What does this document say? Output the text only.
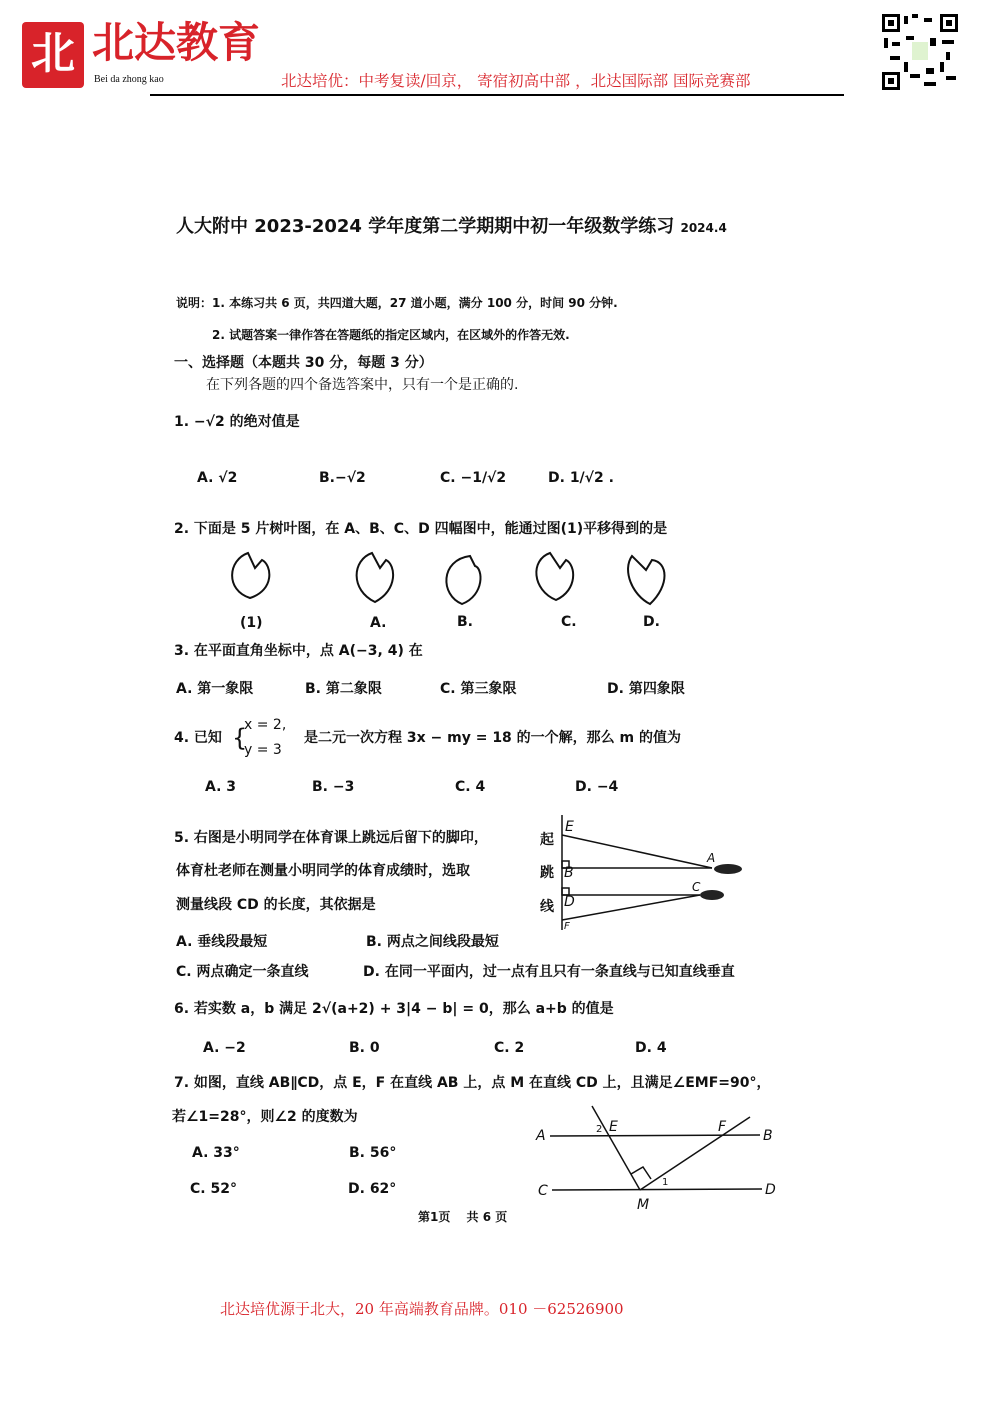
北 北达教育
Bei da zhong kao	北达培优：中考复读/回京， 寄宿初高中部 ，北达国际部 国际竞赛部
人大附中 2023-2024 学年度第二学期期中初一年级数学练习 2024.4
说明：1. 本练习共 6 页，共四道大题，27 道小题，满分 100 分，时间 90 分钟.
2. 试题答案一律作答在答题纸的指定区域内，在区域外的作答无效.
一、选择题（本题共 30 分，每题 3 分）
在下列各题的四个备选答案中，只有一个是正确的.
1. −√2 的绝对值是
A. √2	B.−√2	C. −1/√2	D. 1/√2 .
2. 下面是 5 片树叶图，在 A、B、C、D 四幅图中，能通过图(1)平移得到的是
(1)	A.	B.	C.	D.
3. 在平面直角坐标中，点 A(−3, 4) 在
A. 第一象限	B. 第二象限	C. 第三象限	D. 第四象限
4. 已知 {
x = 2,
y = 3
是二元一次方程 3x − my = 18 的一个解，那么 m 的值为
A. 3	B. −3	C. 4	D. −4
5. 右图是小明同学在体育课上跳远后留下的脚印，
体育杜老师在测量小明同学的体育成绩时，选取
测量线段 CD 的长度，其依据是
起
跳
线
E
A
B
C
D
F
A. 垂线段最短	B. 两点之间线段最短
C. 两点确定一条直线	D. 在同一平面内，过一点有且只有一条直线与已知直线垂直
6. 若实数 a，b 满足 2√(a+2) + 3|4 − b| = 0，那么 a+b 的值是
A. −2	B. 0	C. 2	D. 4
7. 如图，直线 AB∥CD，点 E，F 在直线 AB 上，点 M 在直线 CD 上，且满足∠EMF=90°，
若∠1=28°，则∠2 的度数为
A	B
C	D
E	F
M
1
2
A. 33°	B. 56°
C. 52°	D. 62°
第1页　 共 6 页
北达培优源于北大，20 年高端教育品牌。010 －62526900
